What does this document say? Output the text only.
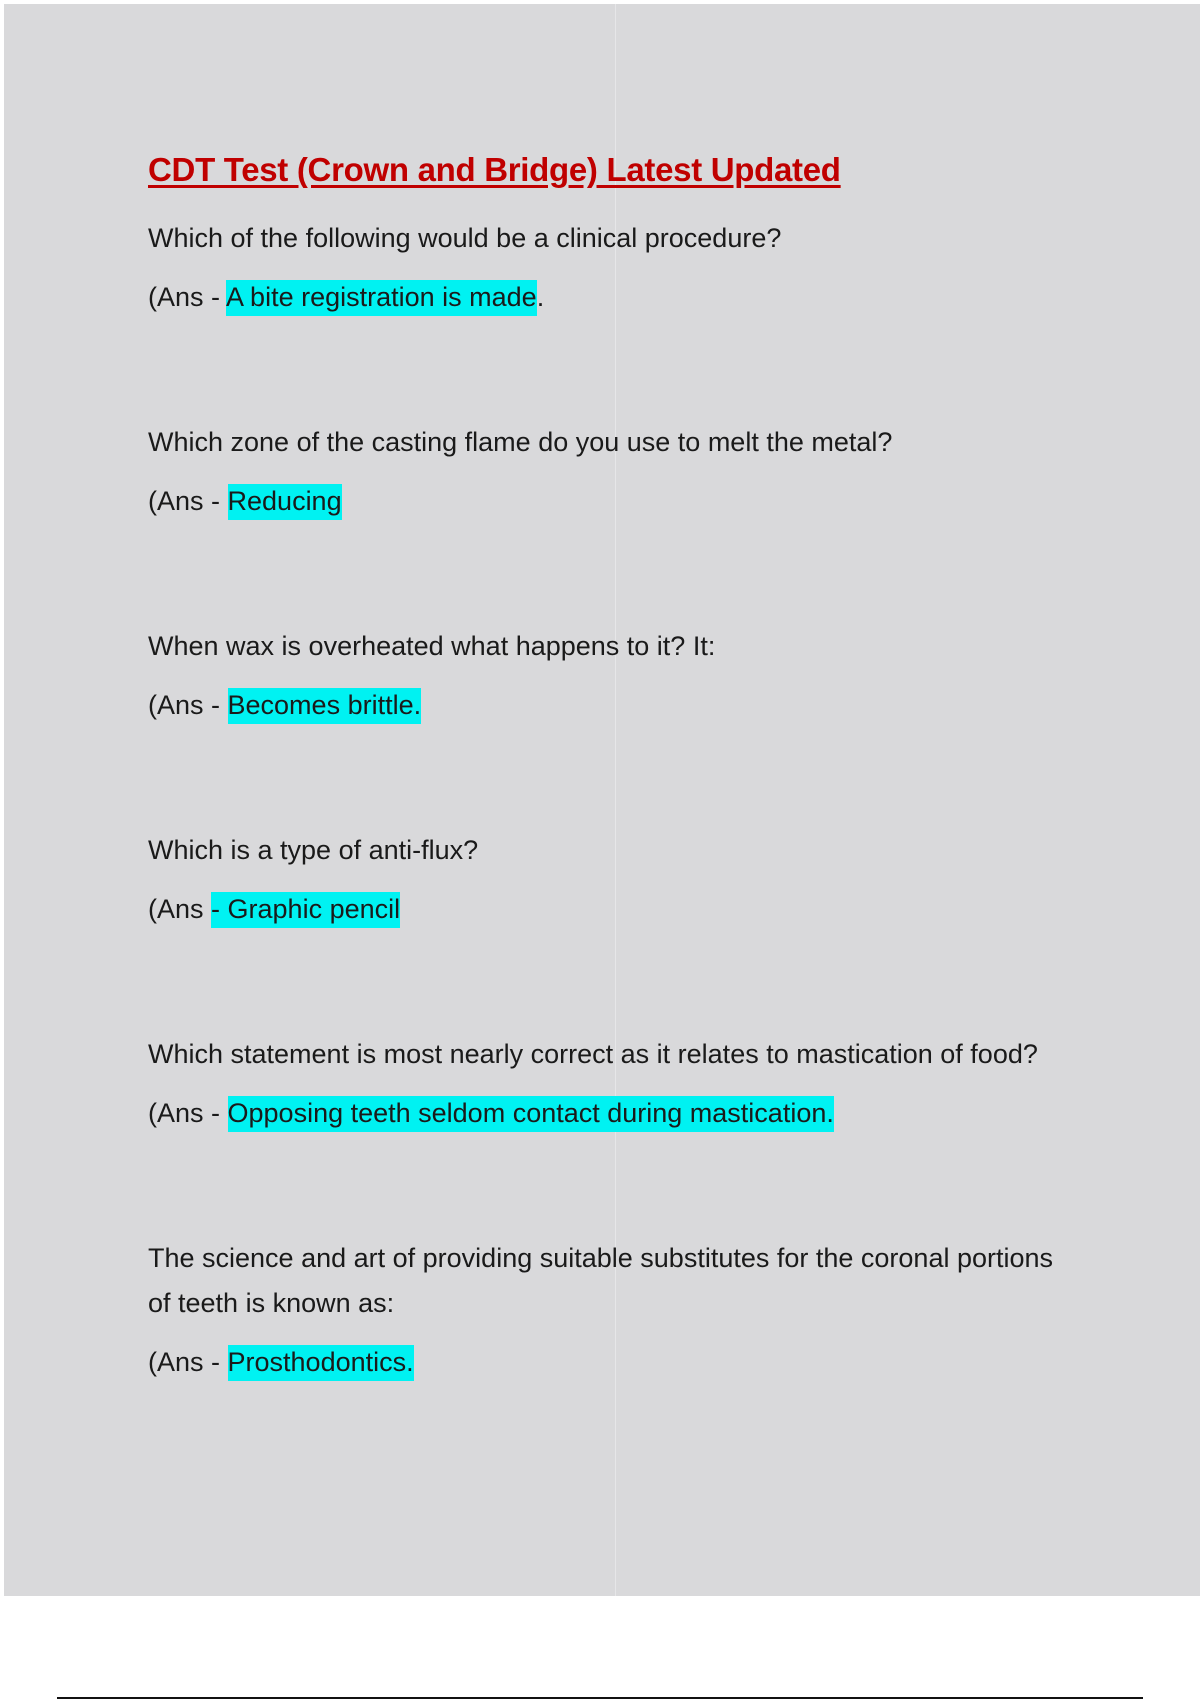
CDT Test (Crown and Bridge) Latest Updated

Which of the following would be a clinical procedure?

(Ans - A bite registration is made.

Which zone of the casting flame do you use to melt the metal?

(Ans - Reducing

When wax is overheated what happens to it? It:

(Ans - Becomes brittle.

Which is a type of anti-flux?

(Ans - Graphic pencil

Which statement is most nearly correct as it relates to mastication of food?

(Ans - Opposing teeth seldom contact during mastication.

The science and art of providing suitable substitutes for the coronal portions of teeth is known as:

(Ans - Prosthodontics.
